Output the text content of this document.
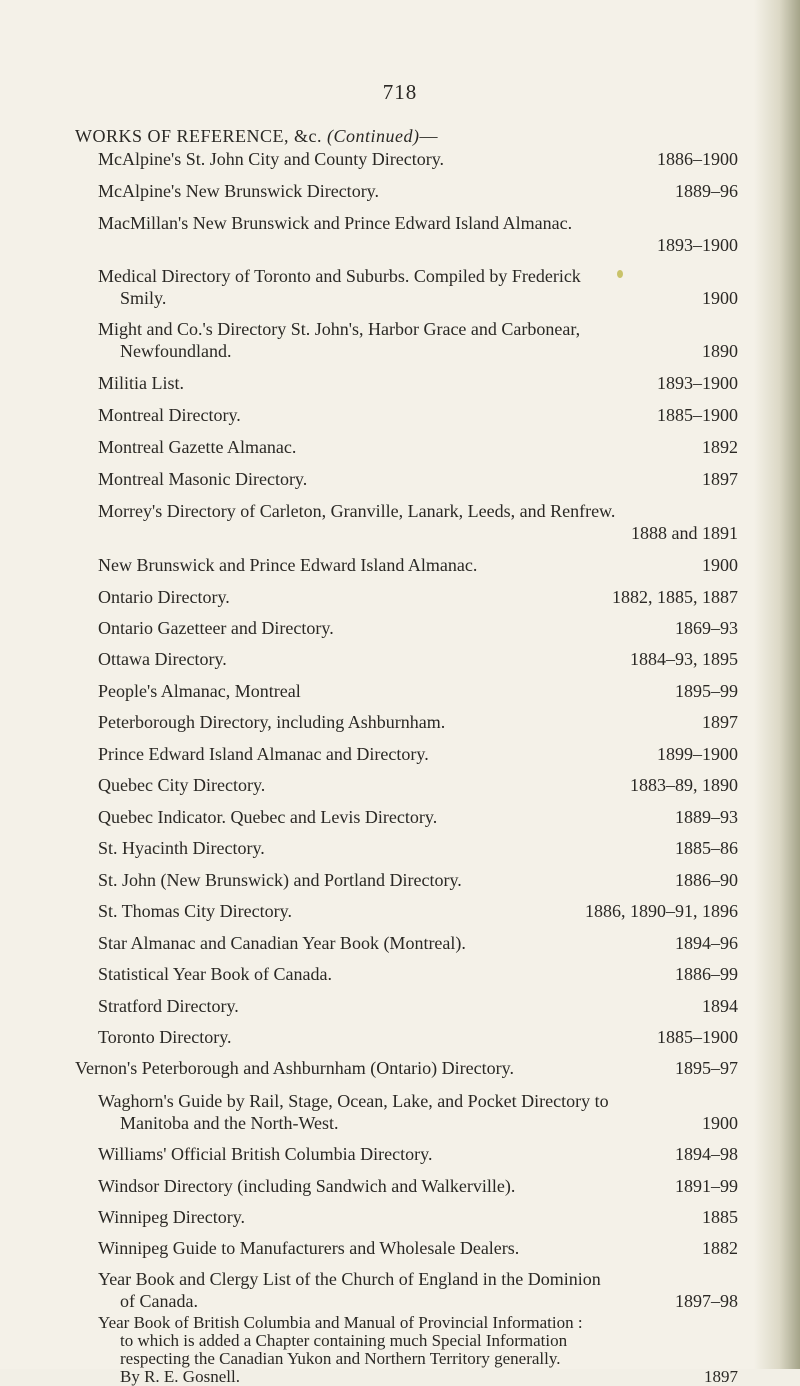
718
WORKS OF REFERENCE, &c. (Continued)—
McAlpine's St. John City and County Directory.	1886–1900
McAlpine's New Brunswick Directory.	1889–96
MacMillan's New Brunswick and Prince Edward Island Almanac.
1893–1900
Medical Directory of Toronto and Suburbs. Compiled by Frederick
Smily.	1900
Might and Co.'s Directory St. John's, Harbor Grace and Carbonear,
Newfoundland.	1890
Militia List.	1893–1900
Montreal Directory.	1885–1900
Montreal Gazette Almanac.	1892
Montreal Masonic Directory.	1897
Morrey's Directory of Carleton, Granville, Lanark, Leeds, and Renfrew.
1888 and 1891
New Brunswick and Prince Edward Island Almanac.	1900
Ontario Directory.	1882, 1885, 1887
Ontario Gazetteer and Directory.	1869–93
Ottawa Directory.	1884–93, 1895
People's Almanac, Montreal	1895–99
Peterborough Directory, including Ashburnham.	1897
Prince Edward Island Almanac and Directory.	1899–1900
Quebec City Directory.	1883–89, 1890
Quebec Indicator. Quebec and Levis Directory.	1889–93
St. Hyacinth Directory.	1885–86
St. John (New Brunswick) and Portland Directory.	1886–90
St. Thomas City Directory.	1886, 1890–91, 1896
Star Almanac and Canadian Year Book (Montreal).	1894–96
Statistical Year Book of Canada.	1886–99
Stratford Directory.	1894
Toronto Directory.	1885–1900
Vernon's Peterborough and Ashburnham (Ontario) Directory.	1895–97
Waghorn's Guide by Rail, Stage, Ocean, Lake, and Pocket Directory to
Manitoba and the North-West.	1900
Williams' Official British Columbia Directory.	1894–98
Windsor Directory (including Sandwich and Walkerville).	1891–99
Winnipeg Directory.	1885
Winnipeg Guide to Manufacturers and Wholesale Dealers.	1882
Year Book and Clergy List of the Church of England in the Dominion
of Canada.	1897–98
Year Book of British Columbia and Manual of Provincial Information :
to which is added a Chapter containing much Special Information
respecting the Canadian Yukon and Northern Territory generally.
By R. E. Gosnell.	1897
